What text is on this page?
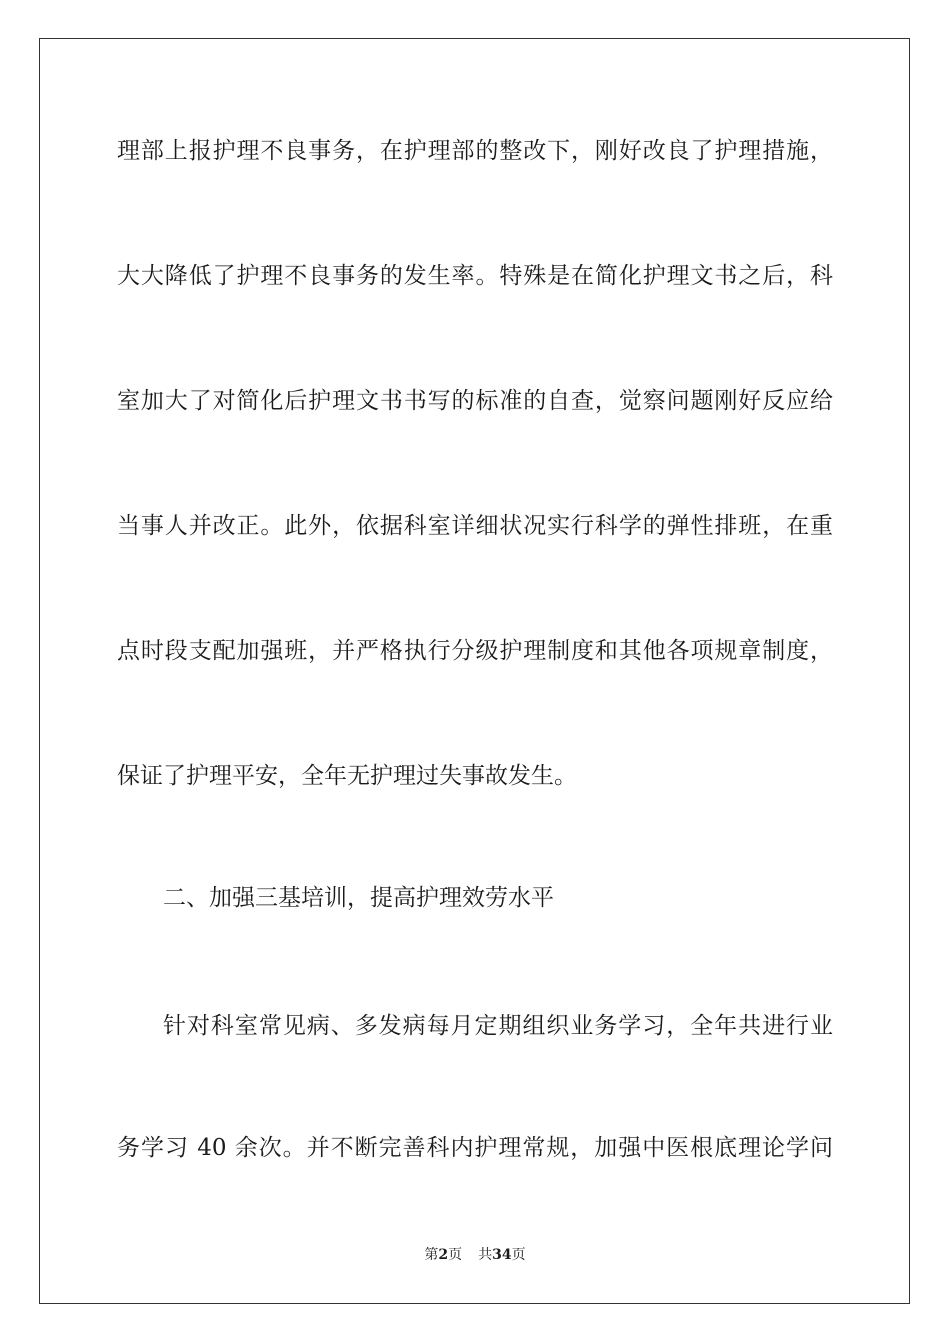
理部上报护理不良事务，在护理部的整改下，刚好改良了护理措施，
大大降低了护理不良事务的发生率。特殊是在简化护理文书之后，科
室加大了对简化后护理文书书写的标准的自查，觉察问题刚好反应给
当事人并改正。此外，依据科室详细状况实行科学的弹性排班，在重
点时段支配加强班，并严格执行分级护理制度和其他各项规章制度，
保证了护理平安，全年无护理过失事故发生。
二、加强三基培训，提高护理效劳水平
针对科室常见病、多发病每月定期组织业务学习，全年共进行业
务学习 40 余次。并不断完善科内护理常规，加强中医根底理论学问
第2页 共34页
